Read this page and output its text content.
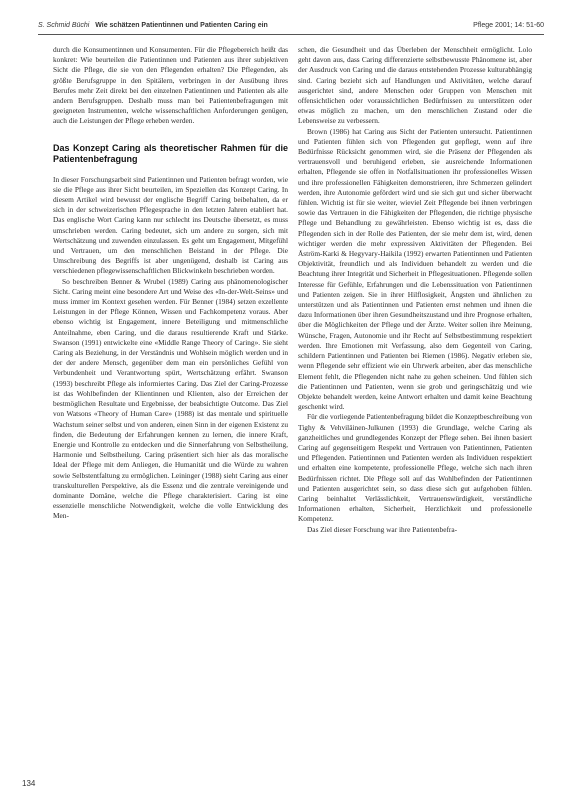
S. Schmid Büchi Wie schätzen Patientinnen und Patienten Caring ein	Pflege 2001; 14: 51-60

durch die Konsumentinnen und Konsumenten. Für die Pflegebereich heißt das konkret: Wie beurteilen die Patientinnen und Patienten aus ihrer subjektiven Sicht die Pflege, die sie von den Pflegenden erhalten? Die Pflegenden, als größte Berufsgruppe in den Spitälern, verbringen in der Ausübung ihres Berufes mehr Zeit direkt bei den einzelnen Patientinnen und Patienten als alle andern Berufsgruppen. Deshalb muss man bei Patientenbefragungen mit geeigneten Instrumenten, welche wissenschaftlichen Anforderungen genügen, auch die Leistungen der Pflege erheben werden.

Das Konzept Caring als theoretischer Rahmen für die Patientenbefragung

In dieser Forschungsarbeit sind Patientinnen und Patienten befragt worden, wie sie die Pflege aus ihrer Sicht beurteilen, im Speziellen das Konzept Caring. In diesem Artikel wird bewusst der englische Begriff Caring beibehalten, da er sich in der schweizerischen Pflegesprache in den letzten Jahren etabliert hat. Das englische Wort Caring kann nur schlecht ins Deutsche übersetzt, es muss umschrieben werden. Caring bedeutet, sich um andere zu sorgen, sich mit Wertschätzung und zuwenden einzulassen. Es geht um Engagement, Mitgefühl und Vertrauen, um den menschlichen Beistand in der Pflege. Die Umschreibung des Begriffs ist aber ungenügend, deshalb ist Caring aus verschiedenen pflegewissenschaftlichen Blickwinkeln beschrieben worden.

So beschreiben Benner & Wrubel (1989) Caring aus phänomenologischer Sicht. Caring meint eine besondere Art und Weise des «In-der-Welt-Seins» und muss immer im Kontext gesehen werden. Für Benner (1984) setzen exzellente Leistungen in der Pflege Können, Wissen und Fachkompetenz voraus. Aber ebenso wichtig ist Engagement, innere Beteiligung und mitmenschliche Anteilnahme, eben Caring, und die daraus resultierende Kraft und Stärke. Swanson (1991) entwickelte eine «Middle Range Theory of Caring». Sie sieht Caring als Beziehung, in der Verständnis und Wohlsein möglich werden und in der der andere Mensch, gegenüber dem man ein persönliches Gefühl von Verbundenheit und Verantwortung spürt, Wertschätzung erfährt. Swanson (1993) beschreibt Pflege als informiertes Caring. Das Ziel der Caring-Prozesse ist das Wohlbefinden der Klientinnen und Klienten, also der Erreichen der bestmöglichen Resultate und Ergebnisse, der beabsichtigte Outcome. Das Ziel von Watsons «Theory of Human Care» (1988) ist das mentale und spirituelle Wachstum seiner selbst und von anderen, einen Sinn in der eigenen Existenz zu finden, die Bedeutung der Erfahrungen kennen zu lernen, die innere Kraft, Energie und Kontrolle zu entdecken und die Sinnerfahrung von Selbstheilung, Harmonie und Selbstheilung. Caring präsentiert sich hier als das moralische Ideal der Pflege mit dem Anliegen, die Humanität und die Würde zu wahren sowie Selbstentfaltung zu ermöglichen. Leininger (1988) sieht Caring aus einer transkulturellen Perspektive, als die Essenz und die zentrale vereinigende und dominante Domäne, welche die Pflege charakterisiert. Caring ist eine essenzielle menschliche Notwendigkeit, welche die volle Entwicklung des Men-

schen, die Gesundheit und das Überleben der Menschheit ermöglicht. Lolo geht davon aus, dass Caring differenzierte selbstbewusste Phänomene ist, aber der Ausdruck von Caring und die daraus entstehenden Prozesse kulturabhängig sind. Caring bezieht sich auf Handlungen und Aktivitäten, welche darauf ausgerichtet sind, andere Menschen oder Gruppen von Menschen mit offensichtlichen oder voraussichtlichen Bedürfnissen zu unterstützen oder etwas möglich zu machen, um den menschlichen Zustand oder die Lebensweise zu verbessern.

Brown (1986) hat Caring aus Sicht der Patienten untersucht. Patientinnen und Patienten fühlen sich von Pflegenden gut gepflegt, wenn auf ihre Bedürfnisse Rücksicht genommen wird, sie die Präsenz der Pflegenden als vertrauensvoll und beruhigend erleben, sie ausreichende Informationen erhalten, Pflegende sie offen in Notfallsituationen ihr professionelles Wissen und ihre professionellen Fähigkeiten demonstrieren, ihre Schmerzen gelindert werden, ihre Autonomie gefördert wird und sie sich gut und sicher überwacht fühlen. Wichtig ist für sie weiter, wieviel Zeit Pflegende bei ihnen verbringen sowie das Vertrauen in die Fähigkeiten der Pflegenden, die richtige physische Pflege und Behandlung zu gewährleisten. Ebenso wichtig ist es, dass die Pflegenden sich in der Rolle des Patienten, der sie mehr dem ist, wird, denen wichtiger werden die mehr expressiven Aktivitäten der Pflegenden. Bei Åström-Karki & Hegyvary-Haikila (1992) erwarten Patientinnen und Patienten Objektivität, freundlich und als Individuen behandelt zu werden und die Beachtung ihrer Integrität und Sicherheit in Pflegesituationen. Pflegende sollen Interesse für Gefühle, Erfahrungen und die Lebenssituation von Patientinnen und Patienten zeigen. Sie in ihrer Hilflosigkeit, Ängsten und ähnlichen zu unterstützen und als Patientinnen und Patienten ernst nehmen und ihnen die dazu Informationen über ihren Gesundheitszustand und ihre Prognose erhalten, über die Möglichkeiten der Pflege und der Ärzte. Weiter sollen ihre Meinung, Wünsche, Fragen, Autonomie und ihr Recht auf Selbstbestimmung respektiert werden. Ihre Emotionen mit Verfassung, also dem Gegenteil von Caring, schildern Patientinnen und Patienten bei Riemen (1986). Negativ erleben sie, wenn Pflegende sehr effizient wie ein Uhrwerk arbeiten, aber das menschliche Element fehlt, die Pflegenden nicht nahe zu gehen scheinen. Und fühlen sich die Patientinnen und Patienten, wenn sie grob und geringschätzig und wie Objekte behandelt werden, keine Antwort erhalten und damit keine Beachtung geschenkt wird.

Für die vorliegende Patientenbefragung bildet die Konzeptbeschreibung von Tighy & Vehviläinen-Julkunen (1993) die Grundlage, welche Caring als ganzheitliches und grundlegendes Konzept der Pflege sehen. Bei ihnen basiert Caring auf gegenseitigem Respekt und Vertrauen von Patientinnen, Patienten und Pflegenden. Patientinnen und Patienten werden als Individuen respektiert und erhalten eine kompetente, professionelle Pflege, welche sich nach ihren Bedürfnissen richtet. Die Pflege soll auf das Wohlbefinden der Patientinnen und Patienten ausgerichtet sein, so dass diese sich gut aufgehoben fühlen. Caring beinhaltet Verlässlichkeit, Vertrauenswürdigkeit, verständliche Informationen erhalten, Sicherheit, Herzlichkeit und professionelle Kompetenz.

Das Ziel dieser Forschung war ihre Patientenbefra-

134
